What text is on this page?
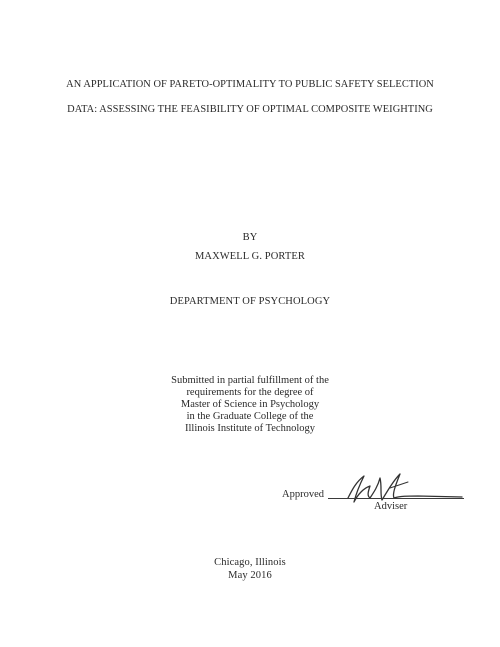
AN APPLICATION OF PARETO-OPTIMALITY TO PUBLIC SAFETY SELECTION
DATA: ASSESSING THE FEASIBILITY OF OPTIMAL COMPOSITE WEIGHTING
BY
MAXWELL G. PORTER
DEPARTMENT OF PSYCHOLOGY
Submitted in partial fulfillment of the
requirements for the degree of
Master of Science in Psychology
in the Graduate College of the
Illinois Institute of Technology
Approved
Adviser
Chicago, Illinois
May 2016
